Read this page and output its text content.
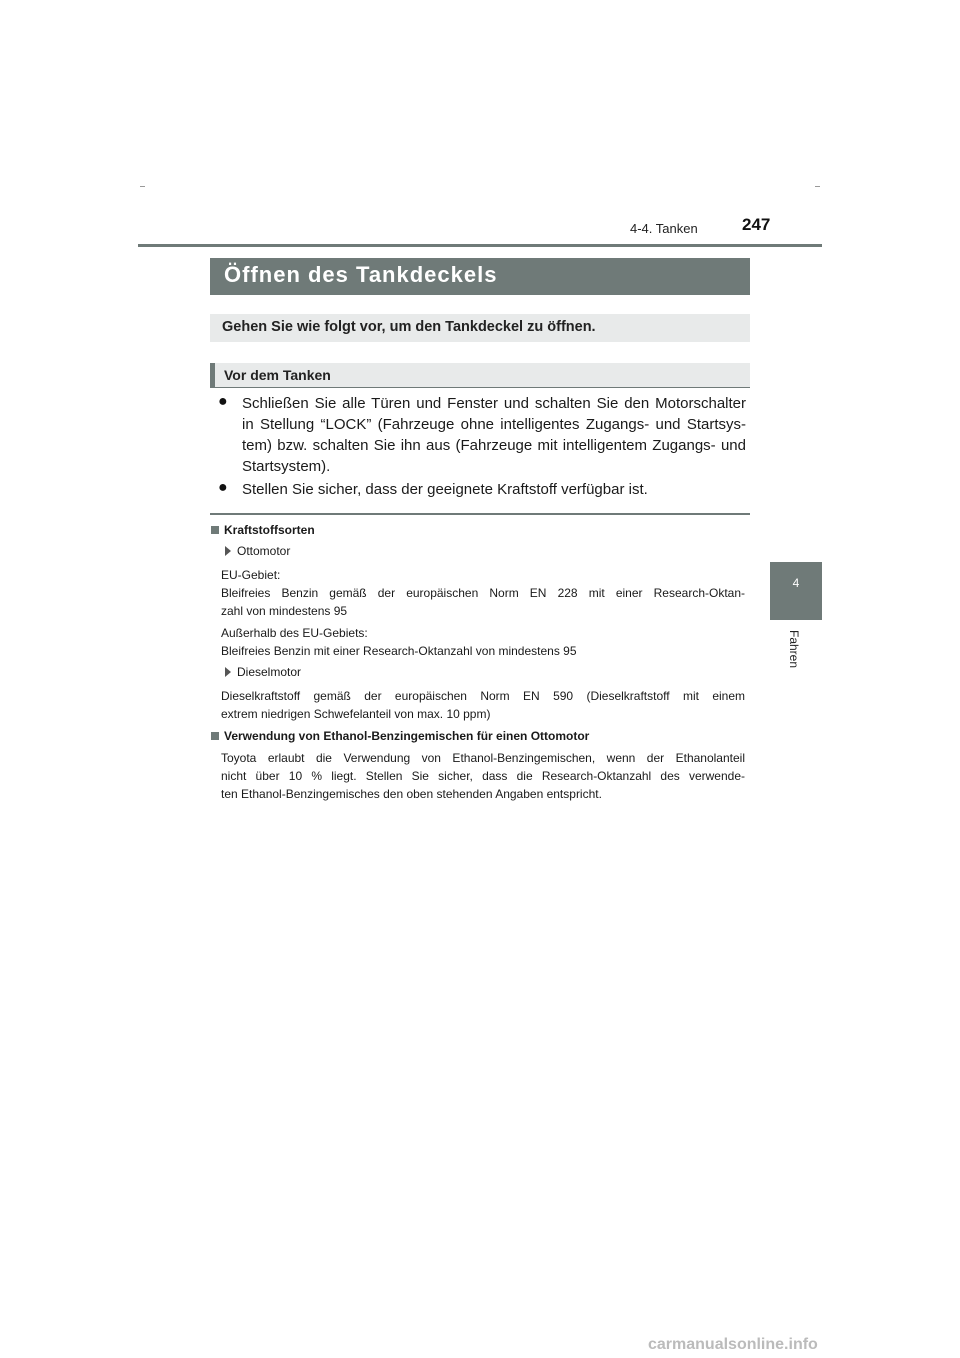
4-4. Tanken	247
4
Fahren
Öffnen des Tankdeckels
Gehen Sie wie folgt vor, um den Tankdeckel zu öffnen.
Vor dem Tanken
● Schließen Sie alle Türen und Fenster und schalten Sie den Motorschalter
in Stellung “LOCK” (Fahrzeuge ohne intelligentes Zugangs- und Startsys-
tem) bzw. schalten Sie ihn aus (Fahrzeuge mit intelligentem Zugangs- und
Startsystem).
● Stellen Sie sicher, dass der geeignete Kraftstoff verfügbar ist.
Kraftstoffsorten
Ottomotor
EU-Gebiet:
Bleifreies Benzin gemäß der europäischen Norm EN 228 mit einer Research-Oktan-
zahl von mindestens 95
Außerhalb des EU-Gebiets:
Bleifreies Benzin mit einer Research-Oktanzahl von mindestens 95
Dieselmotor
Dieselkraftstoff gemäß der europäischen Norm EN 590 (Dieselkraftstoff mit einem
extrem niedrigen Schwefelanteil von max. 10 ppm)
Verwendung von Ethanol-Benzingemischen für einen Ottomotor
Toyota erlaubt die Verwendung von Ethanol-Benzingemischen, wenn der Ethanolanteil
nicht über 10 % liegt. Stellen Sie sicher, dass die Research-Oktanzahl des verwende-
ten Ethanol-Benzingemisches den oben stehenden Angaben entspricht.
carmanualsonline.info
